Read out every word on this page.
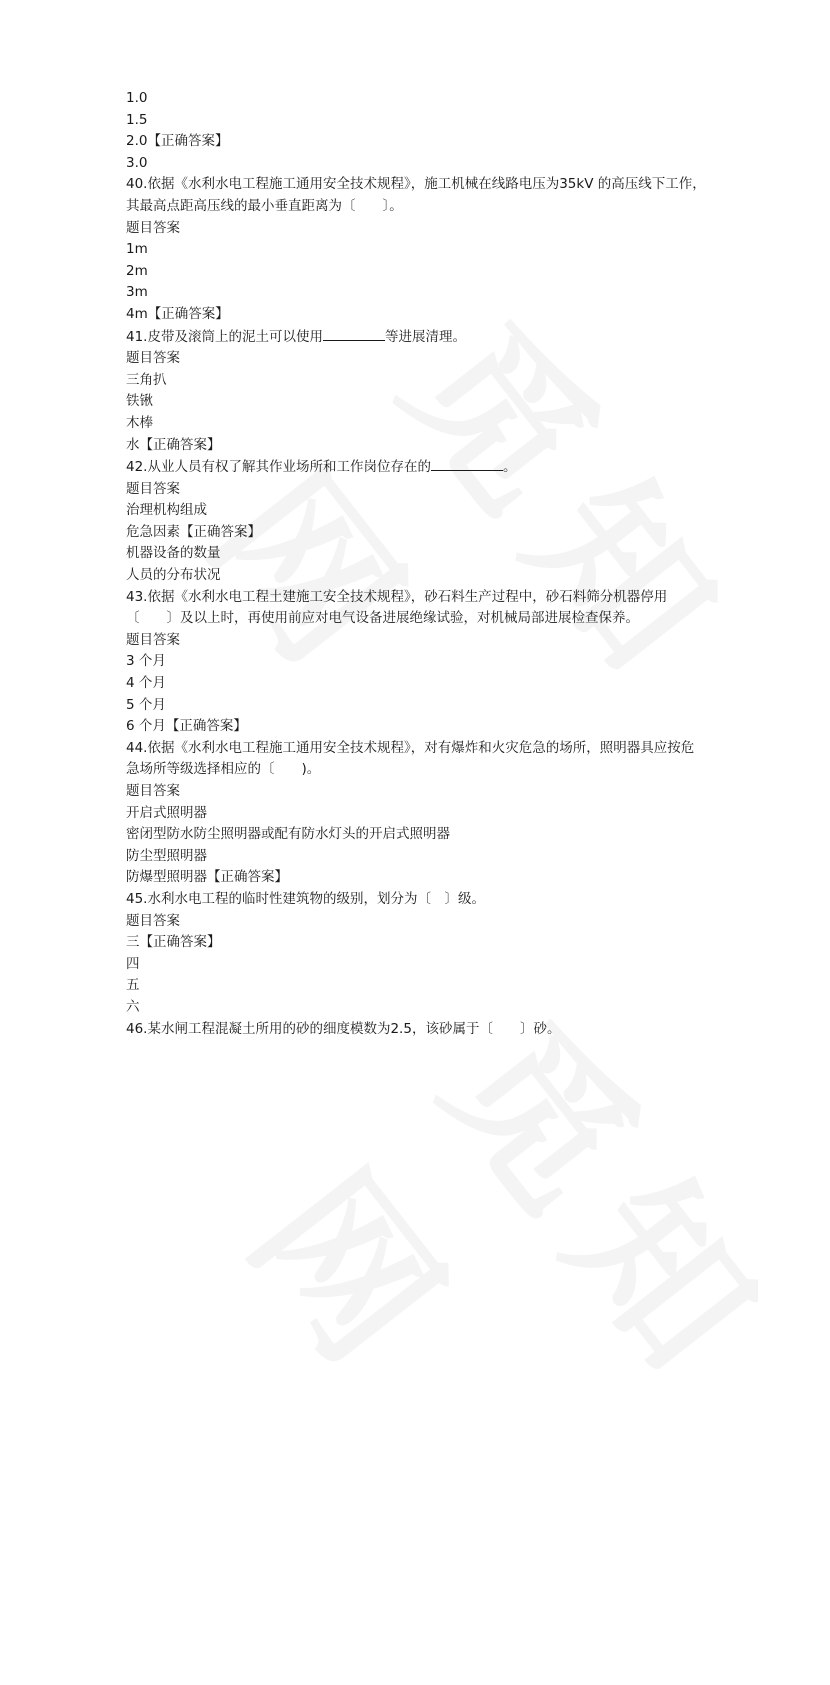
1.0
1.5
2.0【正确答案】
3.0
40.依据《水利水电工程施工通用安全技术规程》，施工机械在线路电压为35kV 的高压线下工作，其最高点距高压线的最小垂直距离为〔　　〕。
题目答案
1m
2m
3m
4m【正确答案】
41.皮带及滚筒上的泥土可以使用	等进展清理。
题目答案
三角扒
铁锹
木棒
水【正确答案】
42.从业人员有权了解其作业场所和工作岗位存在的	。
题目答案
治理机构组成
危急因素【正确答案】
机器设备的数量
人员的分布状况
43.依据《水利水电工程土建施工安全技术规程》，砂石料生产过程中，砂石料筛分机器停用〔　　〕及以上时，再使用前应对电气设备进展绝缘试验，对机械局部进展检查保养。
题目答案
3 个月
4 个月
5 个月
6 个月【正确答案】
44.依据《水利水电工程施工通用安全技术规程》，对有爆炸和火灾危急的场所，照明器具应按危急场所等级选择相应的〔　　)。
题目答案
开启式照明器
密闭型防水防尘照明器或配有防水灯头的开启式照明器
防尘型照明器
防爆型照明器【正确答案】
45.水利水电工程的临时性建筑物的级别，划分为〔　〕级。
题目答案
三【正确答案】
四
五
六
46.某水闸工程混凝土所用的砂的细度模数为2.5，该砂属于〔　　〕砂。
